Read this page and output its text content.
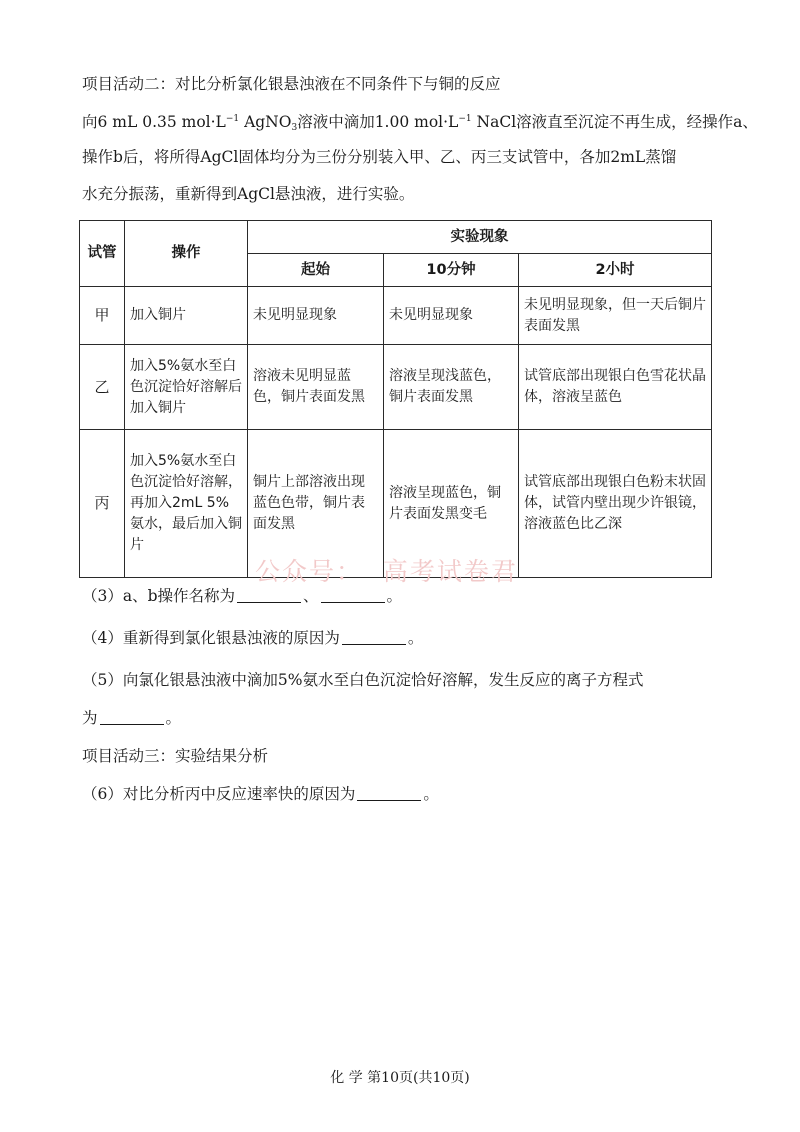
项目活动二：对比分析氯化银悬浊液在不同条件下与铜的反应
向6 mL 0.35 $mol\cdot L^{-1}$ AgNO$_3$溶液中滴加1.00 $mol\cdot L^{-1}$ NaCl溶液直至沉淀不再生成，经操作a、
操作b后，将所得AgCl固体均分为三份分别装入甲、乙、丙三支试管中，各加2mL蒸馏
水充分振荡，重新得到AgCl悬浊液，进行实验。
试管	操作	实验现象		
		起始	10分钟	2小时
甲	加入铜片	未见明显现象	未见明显现象	未见明显现象，但一天后铜片表面发黑
乙	加入5%氨水至白色沉淀恰好溶解后加入铜片	溶液未见明显蓝色，铜片表面发黑	溶液呈现浅蓝色，铜片表面发黑	试管底部出现银白色雪花状晶体，溶液呈蓝色
丙	加入5%氨水至白色沉淀恰好溶解，再加入2mL 5%氨水，最后加入铜片	铜片上部溶液出现蓝色色带，铜片表面发黑	溶液呈现蓝色，铜片表面发黑变毛	试管底部出现银白色粉末状固体，试管内壁出现少许银镜，溶液蓝色比乙深
公众号：  高考试卷君
（3）a、b操作名称为	、	。
（4）重新得到氯化银悬浊液的原因为	。
（5）向氯化银悬浊液中滴加5%氨水至白色沉淀恰好溶解，发生反应的离子方程式
为	。
项目活动三：实验结果分析
（6）对比分析丙中反应速率快的原因为	。
化 学 第10页(共10页)
